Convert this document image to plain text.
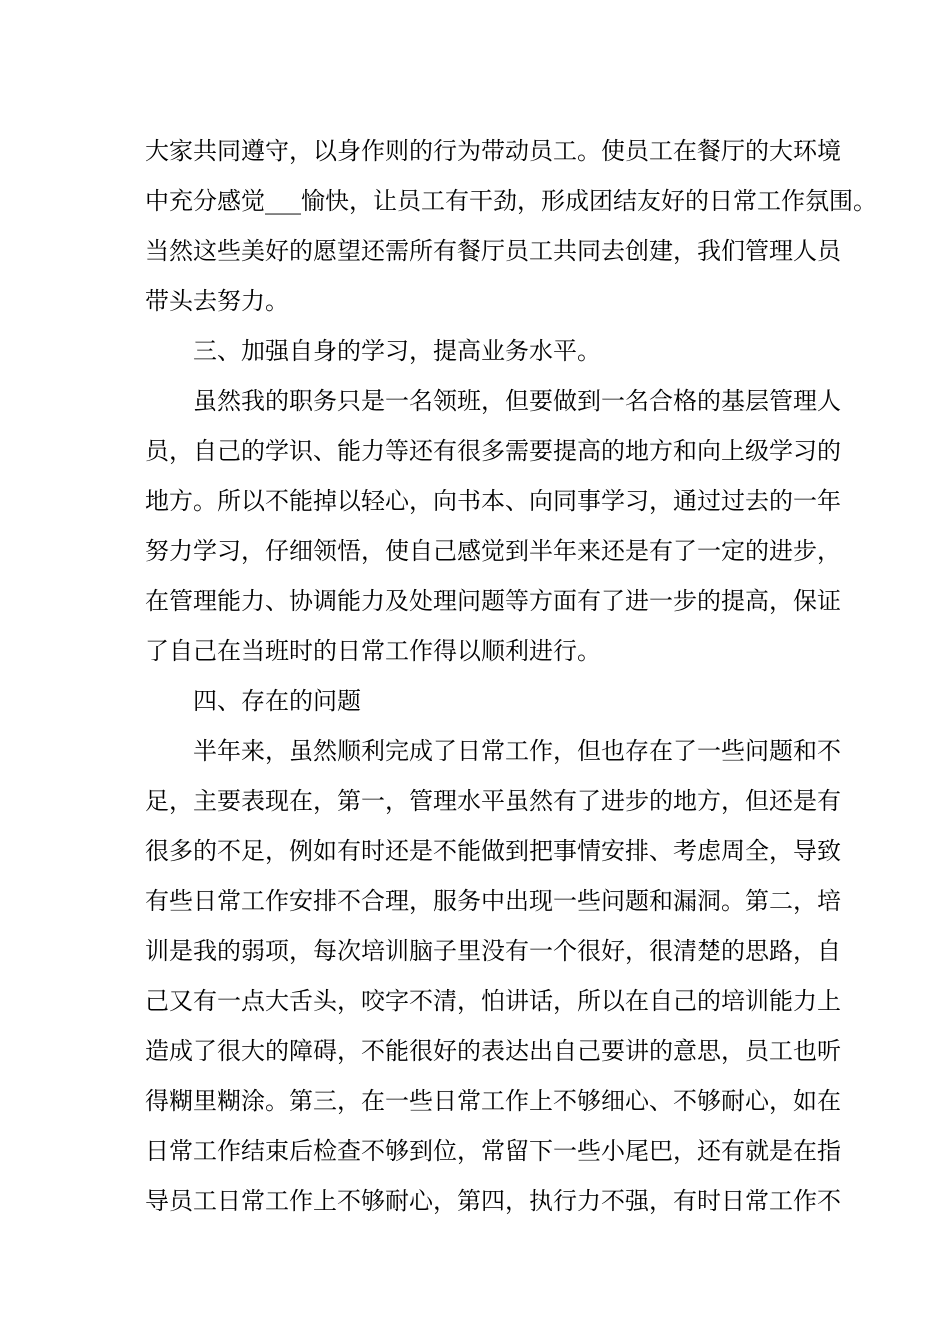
大家共同遵守，以身作则的行为带动员工。使员工在餐厅的大环境
中充分感觉___愉快，让员工有干劲，形成团结友好的日常工作氛围。
当然这些美好的愿望还需所有餐厅员工共同去创建，我们管理人员
带头去努力。
三、加强自身的学习，提高业务水平。
虽然我的职务只是一名领班，但要做到一名合格的基层管理人
员，自己的学识、能力等还有很多需要提高的地方和向上级学习的
地方。所以不能掉以轻心，向书本、向同事学习，通过过去的一年
努力学习，仔细领悟，使自己感觉到半年来还是有了一定的进步，
在管理能力、协调能力及处理问题等方面有了进一步的提高，保证
了自己在当班时的日常工作得以顺利进行。
四、存在的问题
半年来，虽然顺利完成了日常工作，但也存在了一些问题和不
足，主要表现在，第一，管理水平虽然有了进步的地方，但还是有
很多的不足，例如有时还是不能做到把事情安排、考虑周全，导致
有些日常工作安排不合理，服务中出现一些问题和漏洞。第二，培
训是我的弱项，每次培训脑子里没有一个很好，很清楚的思路，自
己又有一点大舌头，咬字不清，怕讲话，所以在自己的培训能力上
造成了很大的障碍，不能很好的表达出自己要讲的意思，员工也听
得糊里糊涂。第三，在一些日常工作上不够细心、不够耐心，如在
日常工作结束后检查不够到位，常留下一些小尾巴，还有就是在指
导员工日常工作上不够耐心，第四，执行力不强，有时日常工作不
